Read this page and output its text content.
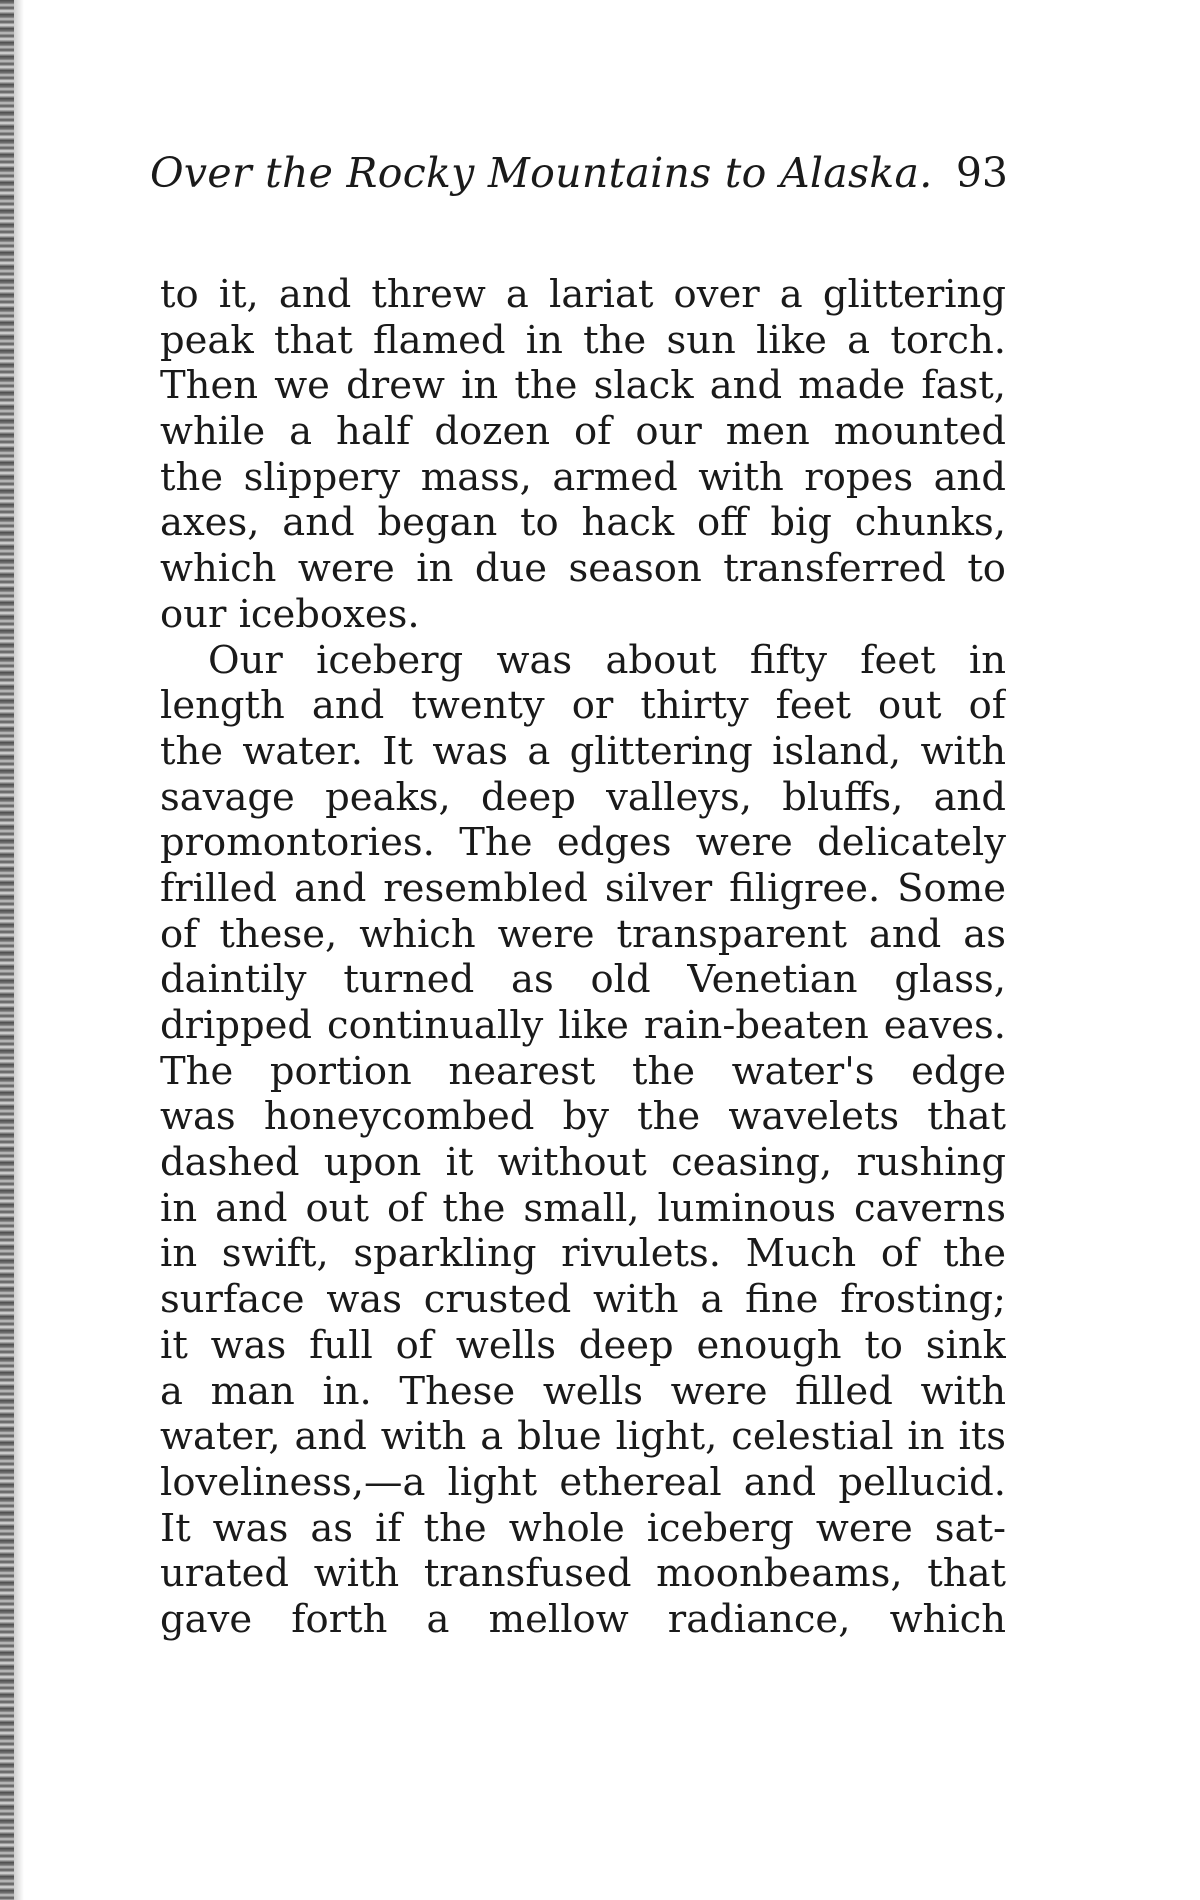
Over the Rocky Mountains to Alaska. 93
to it, and threw a lariat over a glittering
peak that flamed in the sun like a torch.
Then we drew in the slack and made fast,
while a half dozen of our men mounted
the slippery mass, armed with ropes and
axes, and began to hack off big chunks,
which were in due season transferred to
our iceboxes.
Our iceberg was about fifty feet in
length and twenty or thirty feet out of
the water. It was a glittering island, with
savage peaks, deep valleys, bluffs, and
promontories. The edges were delicately
frilled and resembled silver filigree. Some
of these, which were transparent and as
daintily turned as old Venetian glass,
dripped continually like rain-beaten eaves.
The portion nearest the water's edge
was honeycombed by the wavelets that
dashed upon it without ceasing, rushing
in and out of the small, luminous caverns
in swift, sparkling rivulets. Much of the
surface was crusted with a fine frosting;
it was full of wells deep enough to sink
a man in. These wells were filled with
water, and with a blue light, celestial in its
loveliness,—a light ethereal and pellucid.
It was as if the whole iceberg were sat-
urated with transfused moonbeams, that
gave forth a mellow radiance, which
